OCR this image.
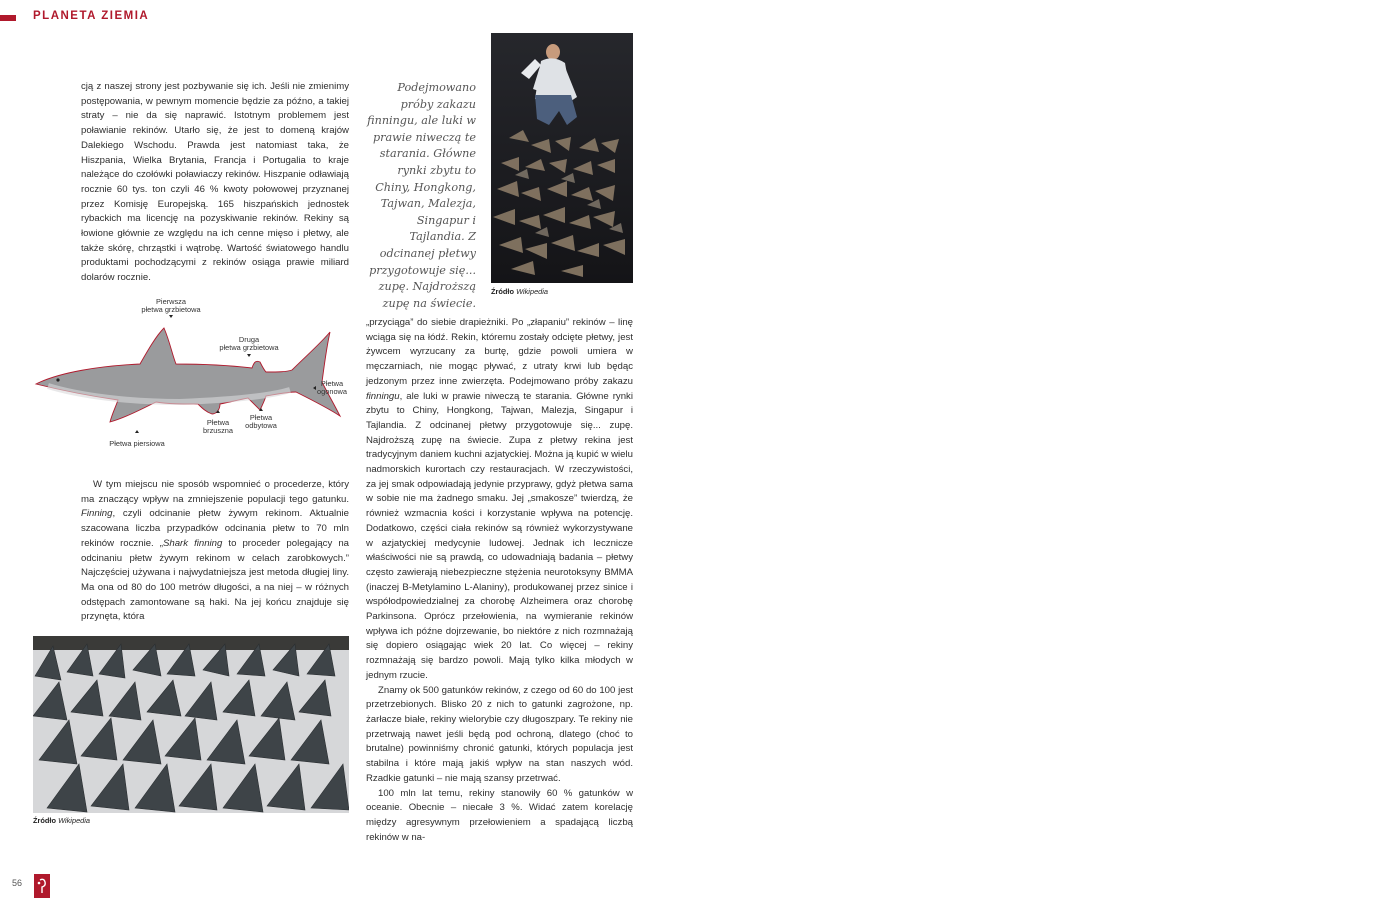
PLANETA ZIEMIA

cją z naszej strony jest pozbywanie się ich. Jeśli nie zmienimy postępowania, w pewnym momencie będzie za późno, a takiej straty – nie da się naprawić. Istotnym problemem jest poławianie rekinów. Utarło się, że jest to domeną krajów Dalekiego Wschodu. Prawda jest natomiast taka, że Hiszpania, Wielka Brytania, Francja i Portugalia to kraje należące do czołówki poławiaczy rekinów. Hiszpanie odławiają rocznie 60 tys. ton czyli 46 % kwoty połowowej przyznanej przez Komisję Europejską. 165 hiszpańskich jednostek rybackich ma licencję na pozyskiwanie rekinów. Rekiny są łowione głównie ze względu na ich cenne mięso i płetwy, ale także skórę, chrząstki i wątrobę. Wartość światowego handlu produktami pochodzącymi z rekinów osiąga prawie miliard dolarów rocznie.

Podejmowano próby zakazu finningu, ale luki w prawie niweczą te starania. Główne rynki zbytu to Chiny, Hongkong, Tajwan, Malezja, Singapur i Tajlandia. Z odcinanej płetwy przygotowuje się... zupę. Najdroższą zupę na świecie.

Źródło Wikipedia

Pierwsza
płetwa grzbietowa
Druga
płetwa grzbietowa
Płetwa
ogonowa
Płetwa
brzuszna
Płetwa
odbytowa
Płetwa piersiowa

W tym miejscu nie sposób wspomnieć o procederze, który ma znaczący wpływ na zmniejszenie populacji tego gatunku. Finning, czyli odcinanie płetw żywym rekinom. Aktualnie szacowana liczba przypadków odcinania płetw to 70 mln rekinów rocznie. „Shark finning to proceder polegający na odcinaniu płetw żywym rekinom w celach zarobkowych.” Najczęściej używana i najwydatniejsza jest metoda długiej liny. Ma ona od 80 do 100 metrów długości, a na niej – w różnych odstępach zamontowane są haki. Na jej końcu znajduje się przynęta, która

Źródło Wikipedia

„przyciąga” do siebie drapieżniki. Po „złapaniu” rekinów – linę wciąga się na łódź. Rekin, któremu zostały odcięte płetwy, jest żywcem wyrzucany za burtę, gdzie powoli umiera w męczarniach, nie mogąc pływać, z utraty krwi lub będąc jedzonym przez inne zwierzęta. Podejmowano próby zakazu finningu, ale luki w prawie niweczą te starania. Główne rynki zbytu to Chiny, Hongkong, Tajwan, Malezja, Singapur i Tajlandia. Z odcinanej płetwy przygotowuje się... zupę. Najdroższą zupę na świecie. Zupa z płetwy rekina jest tradycyjnym daniem kuchni azjatyckiej. Można ją kupić w wielu nadmorskich kurortach czy restauracjach. W rzeczywistości, za jej smak odpowiadają jedynie przyprawy, gdyż płetwa sama w sobie nie ma żadnego smaku. Jej „smakosze” twierdzą, że również wzmacnia kości i korzystanie wpływa na potencję. Dodatkowo, części ciała rekinów są również wykorzystywane w azjatyckiej medycynie ludowej. Jednak ich lecznicze właściwości nie są prawdą, co udowadniają badania – płetwy często zawierają niebezpieczne stężenia neurotoksyny BMMA (inaczej B-Metylamino L-Alaniny), produkowanej przez sinice i współodpowiedzialnej za chorobę Alzheimera oraz chorobę Parkinsona. Oprócz przełowienia, na wymieranie rekinów wpływa ich późne dojrzewanie, bo niektóre z nich rozmnażają się dopiero osiągając wiek 20 lat. Co więcej – rekiny rozmnażają się bardzo powoli. Mają tylko kilka młodych w jednym rzucie.

Znamy ok 500 gatunków rekinów, z czego od 60 do 100 jest przetrzebionych. Blisko 20 z nich to gatunki zagrożone, np. żarłacze białe, rekiny wielorybie czy długoszpary. Te rekiny nie przetrwają nawet jeśli będą pod ochroną, dlatego (choć to brutalne) powinniśmy chronić gatunki, których populacja jest stabilna i które mają jakiś wpływ na stan naszych wód. Rzadkie gatunki – nie mają szansy przetrwać.

100 mln lat temu, rekiny stanowiły 60 % gatunków w oceanie. Obecnie – niecałe 3 %. Widać zatem korelację między agresywnym przełowieniem a spadającą liczbą rekinów w na-

56
